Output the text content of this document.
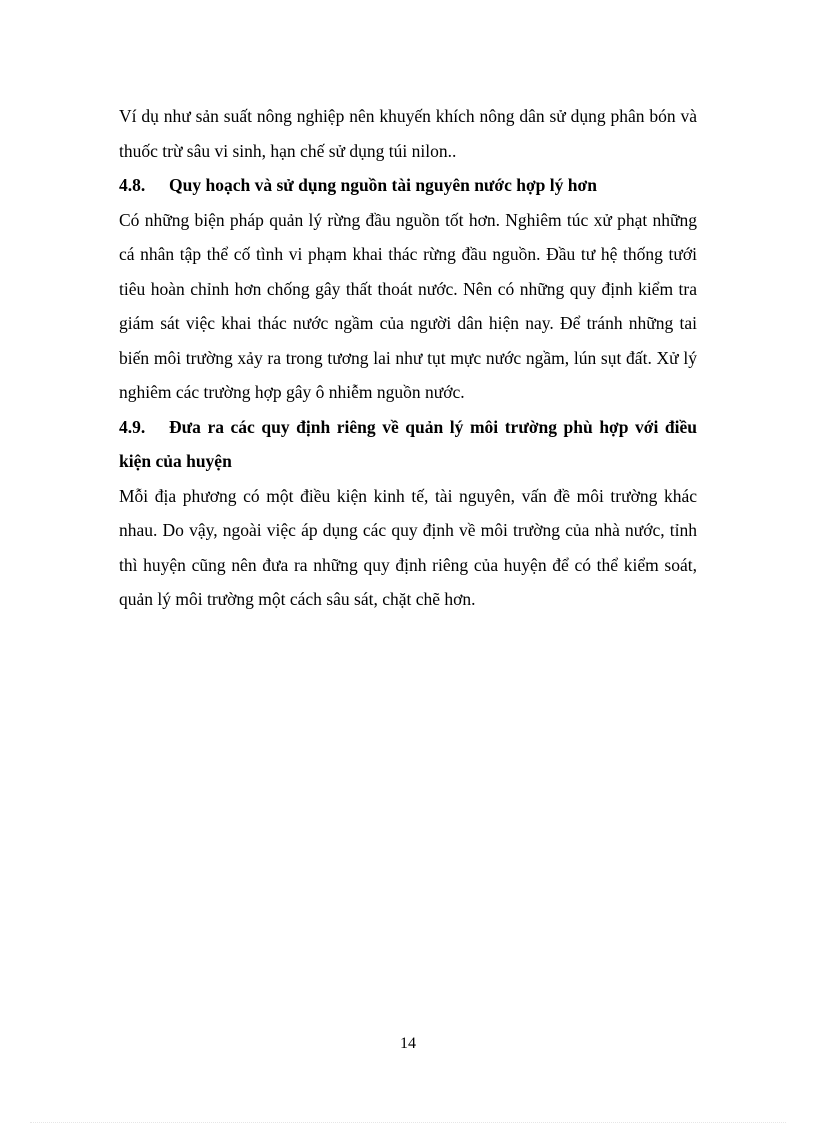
Ví dụ như sản suất nông nghiệp nên khuyến khích nông dân sử dụng phân bón và thuốc trừ sâu vi sinh, hạn chế sử dụng túi nilon..

4.8. Quy hoạch và sử dụng nguồn tài nguyên nước hợp lý hơn

Có những biện pháp quản lý rừng đầu nguồn tốt hơn. Nghiêm túc xử phạt những cá nhân tập thể cố tình vi phạm khai thác rừng đầu nguồn. Đầu tư hệ thống tưới tiêu hoàn chỉnh hơn chống gây thất thoát nước. Nên có những quy định kiểm tra giám sát việc khai thác nước ngầm của người dân hiện nay. Để tránh những tai biến môi trường xảy ra trong tương lai như tụt mực nước ngầm, lún sụt đất. Xử lý nghiêm các trường hợp gây ô nhiễm nguồn nước.

4.9. Đưa ra các quy định riêng về quản lý môi trường phù hợp với điều kiện của huyện

Mỗi địa phương có một điều kiện kinh tế, tài nguyên, vấn đề môi trường khác nhau. Do vậy, ngoài việc áp dụng các quy định về môi trường của nhà nước, tỉnh thì huyện cũng nên đưa ra những quy định riêng của huyện để có thể kiểm soát, quản lý môi trường một cách sâu sát, chặt chẽ hơn.

14
